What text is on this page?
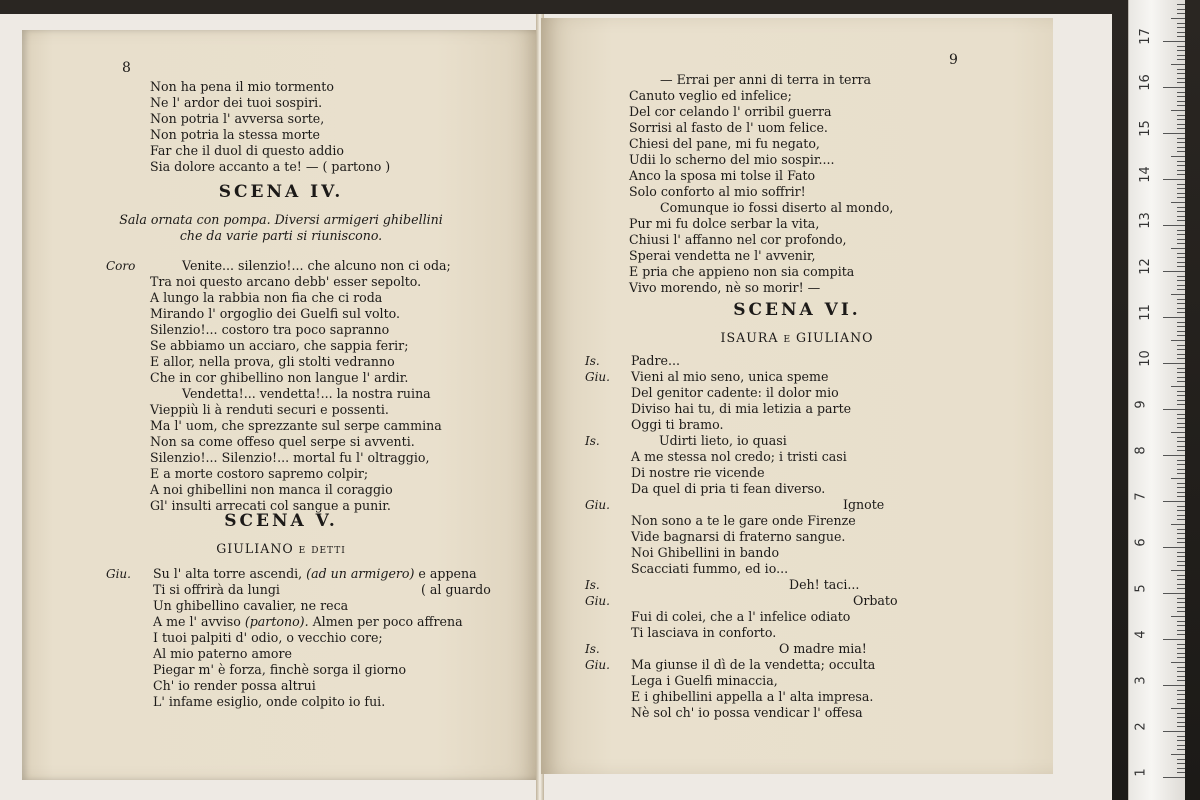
8
Non ha pena il mio tormento
Ne l' ardor dei tuoi sospiri.
Non potria l' avversa sorte,
Non potria la stessa morte
Far che il duol di questo addio
Sia dolore accanto a te! — ( partono )
SCENA IV.
Sala ornata con pompa. Diversi armigeri ghibellini
che da varie parti si riuniscono.
Coro	Venite... silenzio!... che alcuno non ci oda;
Tra noi questo arcano debb' esser sepolto.
A lungo la rabbia non fia che ci roda
Mirando l' orgoglio dei Guelfi sul volto.
Silenzio!... costoro tra poco sapranno
Se abbiamo un acciaro, che sappia ferir;
E allor, nella prova, gli stolti vedranno
Che in cor ghibellino non langue l' ardir.
Vendetta!... vendetta!... la nostra ruina
Vieppiù li à renduti securi e possenti.
Ma l' uom, che sprezzante sul serpe cammina
Non sa come offeso quel serpe si avventi.
Silenzio!... Silenzio!... mortal fu l' oltraggio,
E a morte costoro sapremo colpir;
A noi ghibellini non manca il coraggio
Gl' insulti arrecati col sangue a punir.
SCENA V.
GIULIANO e detti
Giu. Su l' alta torre ascendi, (ad un armigero) e appena
Ti si offrirà da lungi	( al guardo
Un ghibellino cavalier, ne reca
A me l' avviso (partono). Almen per poco affrena
I tuoi palpiti d' odio, o vecchio core;
Al mio paterno amore
Piegar m' è forza, finchè sorga il giorno
Ch' io render possa altrui
L' infame esiglio, onde colpito io fui.
9
— Errai per anni di terra in terra
Canuto veglio ed infelice;
Del cor celando l' orribil guerra
Sorrisi al fasto de l' uom felice.
Chiesi del pane, mi fu negato,
Udii lo scherno del mio sospir....
Anco la sposa mi tolse il Fato
Solo conforto al mio soffrir!
Comunque io fossi diserto al mondo,
Pur mi fu dolce serbar la vita,
Chiusi l' affanno nel cor profondo,
Sperai vendetta ne l' avvenir,
E pria che appieno non sia compita
Vivo morendo, nè so morir! —
SCENA VI.
ISAURA e GIULIANO
Is. Padre...
Giu. Vieni al mio seno, unica speme
Del genitor cadente: il dolor mio
Diviso hai tu, di mia letizia a parte
Oggi ti bramo.
Is.	Udirti lieto, io quasi
A me stessa nol credo; i tristi casi
Di nostre rie vicende
Da quel di pria ti fean diverso.
Giu.	Ignote
Non sono a te le gare onde Firenze
Vide bagnarsi di fraterno sangue.
Noi Ghibellini in bando
Scacciati fummo, ed io...
Is.	Deh! taci...
Giu.	Orbato
Fui di colei, che a l' infelice odiato
Ti lasciava in conforto.
Is.	O madre mia!
Giu. Ma giunse il dì de la vendetta; occulta
Lega i Guelfi minaccia,
E i ghibellini appella a l' alta impresa.
Nè sol ch' io possa vendicar l' offesa
1
2
3
4
5
6
7
8
9
10
11
12
13
14
15
16
17
